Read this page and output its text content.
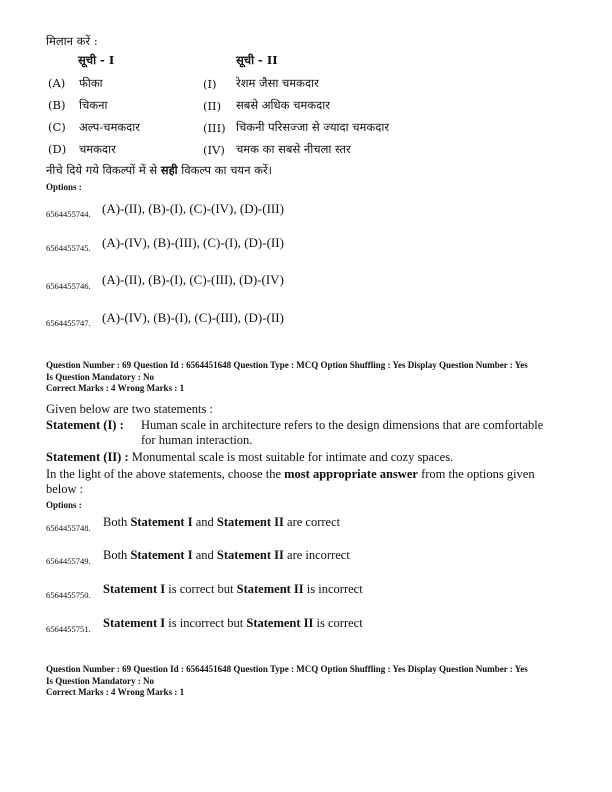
मिलान करें :
सूची - I	सूची - II
(A) फीका	(I) रेशम जैसा चमकदार
(B) चिकना	(II) सबसे अधिक चमकदार
(C) अल्प-चमकदार	(III) चिकनी परिसज्जा से ज्यादा चमकदार
(D) चमकदार	(IV) चमक का सबसे नीचला स्तर
नीचे दिये गये विकल्पों में से सही विकल्प का चयन करें।
Options :
6564455744. (A)-(II), (B)-(I), (C)-(IV), (D)-(III)
6564455745. (A)-(IV), (B)-(III), (C)-(I), (D)-(II)
6564455746. (A)-(II), (B)-(I), (C)-(III), (D)-(IV)
6564455747. (A)-(IV), (B)-(I), (C)-(III), (D)-(II)
Question Number : 69 Question Id : 6564451648 Question Type : MCQ Option Shuffling : Yes Display Question Number : Yes
Is Question Mandatory : No
Correct Marks : 4 Wrong Marks : 1
Given below are two statements :
Statement (I) : Human scale in architecture refers to the design dimensions that are comfortable
for human interaction.
Statement (II) : Monumental scale is most suitable for intimate and cozy spaces.
In the light of the above statements, choose the most appropriate answer from the options given
below :
Options :
6564455748. Both Statement I and Statement II are correct
6564455749. Both Statement I and Statement II are incorrect
6564455750. Statement I is correct but Statement II is incorrect
6564455751. Statement I is incorrect but Statement II is correct
Question Number : 69 Question Id : 6564451648 Question Type : MCQ Option Shuffling : Yes Display Question Number : Yes
Is Question Mandatory : No
Correct Marks : 4 Wrong Marks : 1
